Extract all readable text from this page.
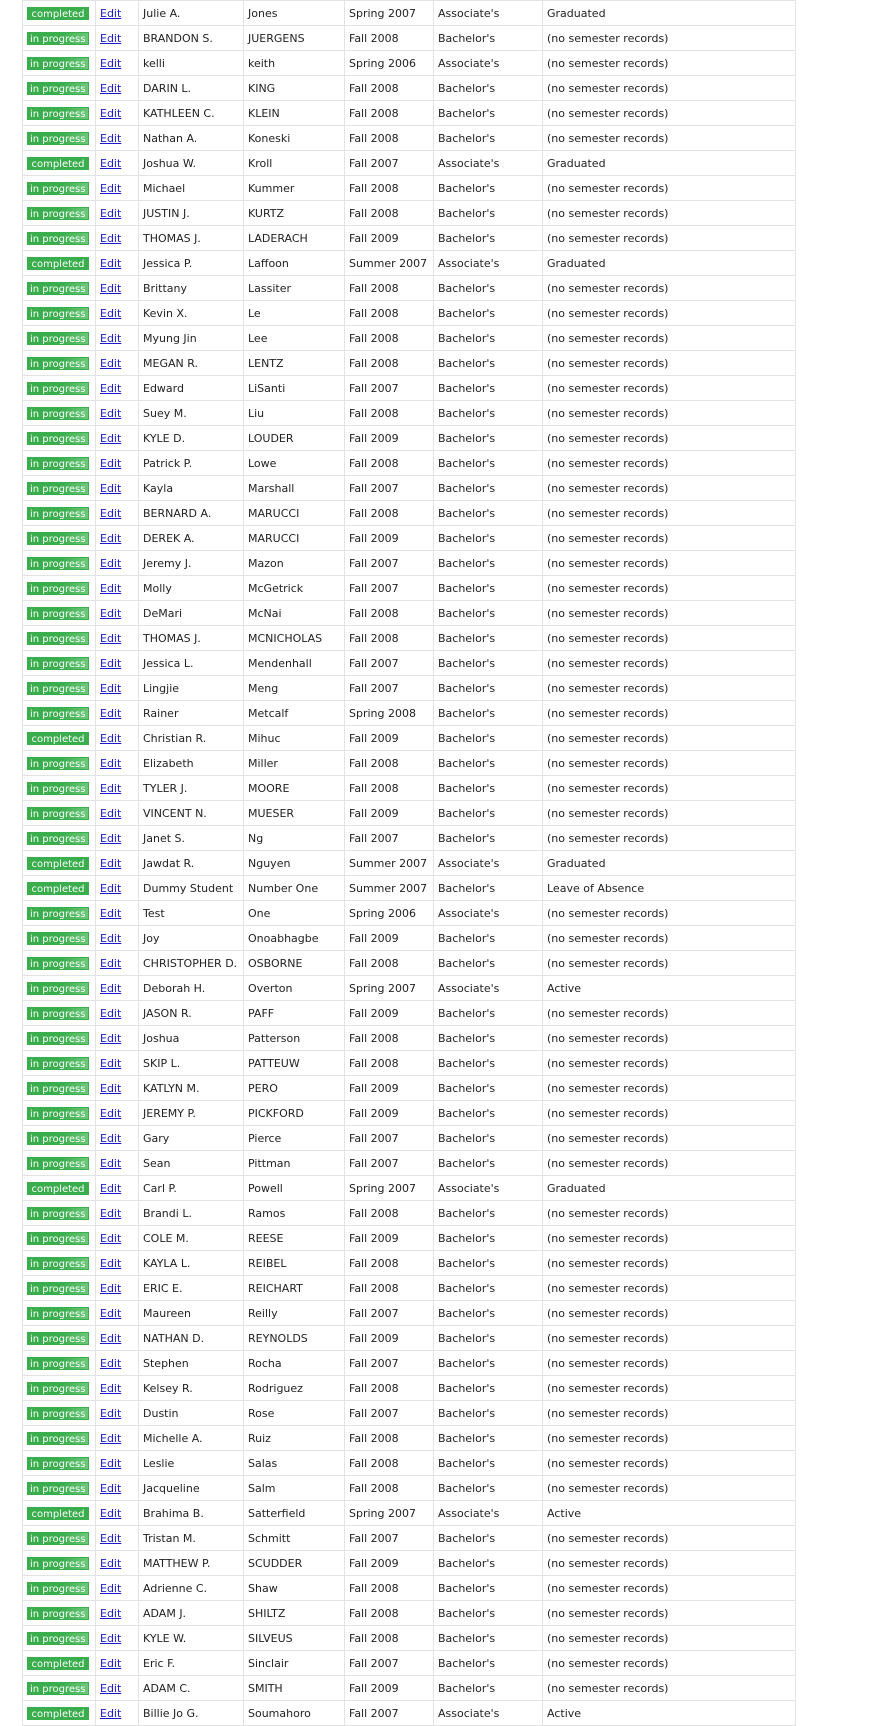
completed	Edit	Julie A.	Jones	Spring 2007	Associate's	Graduated

in progress	Edit	BRANDON S.	JUERGENS	Fall 2008	Bachelor's	(no semester records)

in progress	Edit	kelli	keith	Spring 2006	Associate's	(no semester records)

in progress	Edit	DARIN L.	KING	Fall 2008	Bachelor's	(no semester records)

in progress	Edit	KATHLEEN C.	KLEIN	Fall 2008	Bachelor's	(no semester records)

in progress	Edit	Nathan A.	Koneski	Fall 2008	Bachelor's	(no semester records)
completed	Edit	Joshua W.	Kroll	Fall 2007	Associate's	Graduated

in progress	Edit	Michael	Kummer	Fall 2008	Bachelor's	(no semester records)

in progress	Edit	JUSTIN J.	KURTZ	Fall 2008	Bachelor's	(no semester records)

in progress	Edit	THOMAS J.	LADERACH	Fall 2009	Bachelor's	(no semester records)
completed	Edit	Jessica P.	Laffoon	Summer 2007	Associate's	Graduated

in progress	Edit	Brittany	Lassiter	Fall 2008	Bachelor's	(no semester records)

in progress	Edit	Kevin X.	Le	Fall 2008	Bachelor's	(no semester records)

in progress	Edit	Myung Jin	Lee	Fall 2008	Bachelor's	(no semester records)

in progress	Edit	MEGAN R.	LENTZ	Fall 2008	Bachelor's	(no semester records)

in progress	Edit	Edward	LiSanti	Fall 2007	Bachelor's	(no semester records)

in progress	Edit	Suey M.	Liu	Fall 2008	Bachelor's	(no semester records)

in progress	Edit	KYLE D.	LOUDER	Fall 2009	Bachelor's	(no semester records)

in progress	Edit	Patrick P.	Lowe	Fall 2008	Bachelor's	(no semester records)

in progress	Edit	Kayla	Marshall	Fall 2007	Bachelor's	(no semester records)

in progress	Edit	BERNARD A.	MARUCCI	Fall 2008	Bachelor's	(no semester records)

in progress	Edit	DEREK A.	MARUCCI	Fall 2009	Bachelor's	(no semester records)

in progress	Edit	Jeremy J.	Mazon	Fall 2007	Bachelor's	(no semester records)

in progress	Edit	Molly	McGetrick	Fall 2007	Bachelor's	(no semester records)

in progress	Edit	DeMari	McNai	Fall 2008	Bachelor's	(no semester records)

in progress	Edit	THOMAS J.	MCNICHOLAS	Fall 2008	Bachelor's	(no semester records)

in progress	Edit	Jessica L.	Mendenhall	Fall 2007	Bachelor's	(no semester records)

in progress	Edit	Lingjie	Meng	Fall 2007	Bachelor's	(no semester records)

in progress	Edit	Rainer	Metcalf	Spring 2008	Bachelor's	(no semester records)
completed	Edit	Christian R.	Mihuc	Fall 2009	Bachelor's	(no semester records)

in progress	Edit	Elizabeth	Miller	Fall 2008	Bachelor's	(no semester records)

in progress	Edit	TYLER J.	MOORE	Fall 2008	Bachelor's	(no semester records)

in progress	Edit	VINCENT N.	MUESER	Fall 2009	Bachelor's	(no semester records)

in progress	Edit	Janet S.	Ng	Fall 2007	Bachelor's	(no semester records)
completed	Edit	Jawdat R.	Nguyen	Summer 2007	Associate's	Graduated
completed	Edit	Dummy Student	Number One	Summer 2007	Bachelor's	Leave of Absence

in progress	Edit	Test	One	Spring 2006	Associate's	(no semester records)

in progress	Edit	Joy	Onoabhagbe	Fall 2009	Bachelor's	(no semester records)

in progress	Edit	CHRISTOPHER D.	OSBORNE	Fall 2008	Bachelor's	(no semester records)

in progress	Edit	Deborah H.	Overton	Spring 2007	Associate's	Active

in progress	Edit	JASON R.	PAFF	Fall 2009	Bachelor's	(no semester records)

in progress	Edit	Joshua	Patterson	Fall 2008	Bachelor's	(no semester records)

in progress	Edit	SKIP L.	PATTEUW	Fall 2008	Bachelor's	(no semester records)

in progress	Edit	KATLYN M.	PERO	Fall 2009	Bachelor's	(no semester records)

in progress	Edit	JEREMY P.	PICKFORD	Fall 2009	Bachelor's	(no semester records)

in progress	Edit	Gary	Pierce	Fall 2007	Bachelor's	(no semester records)

in progress	Edit	Sean	Pittman	Fall 2007	Bachelor's	(no semester records)
completed	Edit	Carl P.	Powell	Spring 2007	Associate's	Graduated

in progress	Edit	Brandi L.	Ramos	Fall 2008	Bachelor's	(no semester records)

in progress	Edit	COLE M.	REESE	Fall 2009	Bachelor's	(no semester records)

in progress	Edit	KAYLA L.	REIBEL	Fall 2008	Bachelor's	(no semester records)

in progress	Edit	ERIC E.	REICHART	Fall 2008	Bachelor's	(no semester records)

in progress	Edit	Maureen	Reilly	Fall 2007	Bachelor's	(no semester records)

in progress	Edit	NATHAN D.	REYNOLDS	Fall 2009	Bachelor's	(no semester records)

in progress	Edit	Stephen	Rocha	Fall 2007	Bachelor's	(no semester records)

in progress	Edit	Kelsey R.	Rodriguez	Fall 2008	Bachelor's	(no semester records)

in progress	Edit	Dustin	Rose	Fall 2007	Bachelor's	(no semester records)

in progress	Edit	Michelle A.	Ruiz	Fall 2008	Bachelor's	(no semester records)

in progress	Edit	Leslie	Salas	Fall 2008	Bachelor's	(no semester records)

in progress	Edit	Jacqueline	Salm	Fall 2008	Bachelor's	(no semester records)
completed	Edit	Brahima B.	Satterfield	Spring 2007	Associate's	Active

in progress	Edit	Tristan M.	Schmitt	Fall 2007	Bachelor's	(no semester records)

in progress	Edit	MATTHEW P.	SCUDDER	Fall 2009	Bachelor's	(no semester records)

in progress	Edit	Adrienne C.	Shaw	Fall 2008	Bachelor's	(no semester records)

in progress	Edit	ADAM J.	SHILTZ	Fall 2008	Bachelor's	(no semester records)

in progress	Edit	KYLE W.	SILVEUS	Fall 2008	Bachelor's	(no semester records)
completed	Edit	Eric F.	Sinclair	Fall 2007	Bachelor's	(no semester records)

in progress	Edit	ADAM C.	SMITH	Fall 2009	Bachelor's	(no semester records)
completed	Edit	Billie Jo G.	Soumahoro	Fall 2007	Associate's	Active
